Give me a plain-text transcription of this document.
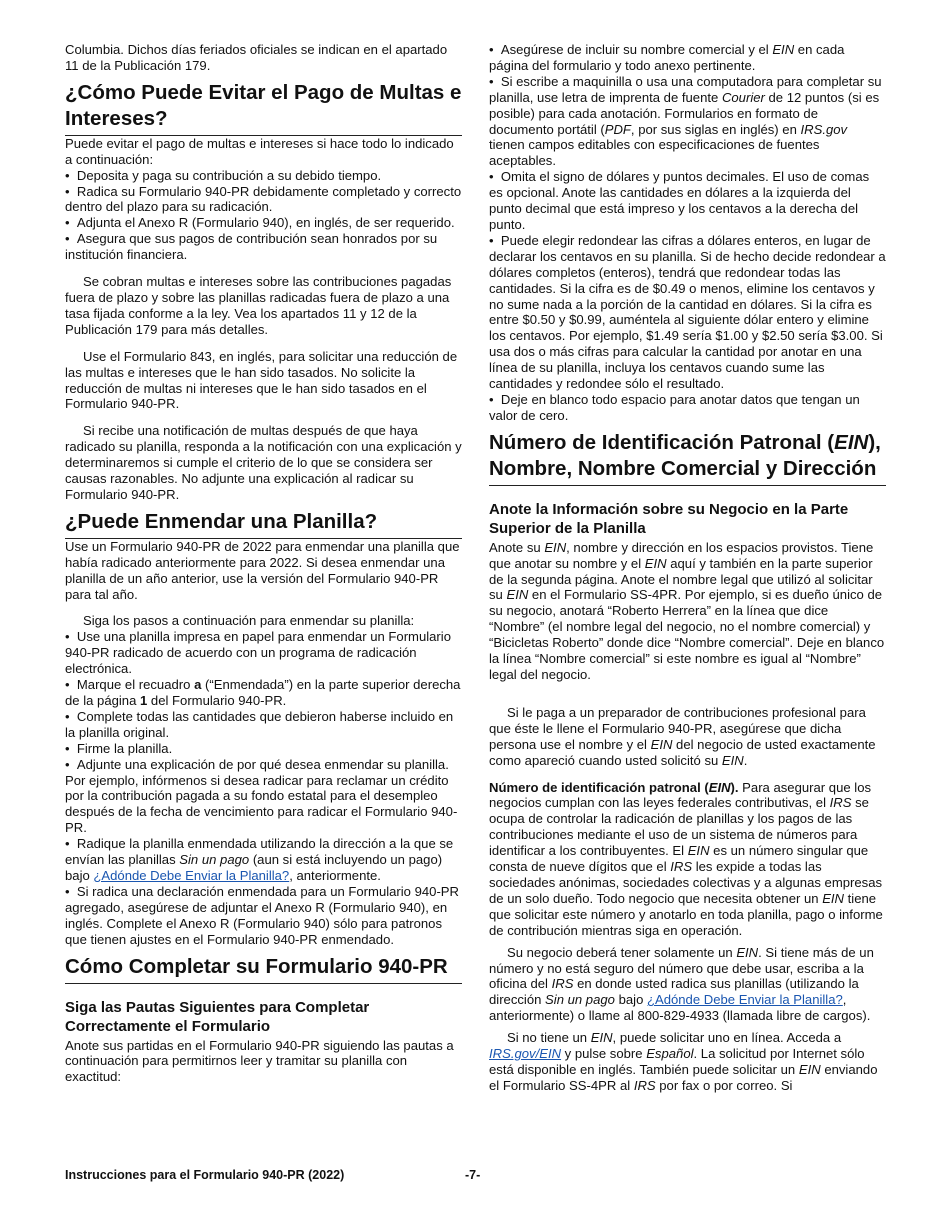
Columbia. Dichos días feriados oficiales se indican en el apartado 11 de la Publicación 179.

¿Cómo Puede Evitar el Pago de Multas e Intereses?

Puede evitar el pago de multas e intereses si hace todo lo indicado a continuación:

•  Deposita y paga su contribución a su debido tiempo.
•  Radica su Formulario 940-PR debidamente completado y correcto dentro del plazo para su radicación.
•  Adjunta el Anexo R (Formulario 940), en inglés, de ser requerido.
•  Asegura que sus pagos de contribución sean honrados por su institución financiera.

Se cobran multas e intereses sobre las contribuciones pagadas fuera de plazo y sobre las planillas radicadas fuera de plazo a una tasa fijada conforme a la ley. Vea los apartados 11 y 12 de la Publicación 179 para más detalles.

Use el Formulario 843, en inglés, para solicitar una reducción de las multas e intereses que le han sido tasados. No solicite la reducción de multas ni intereses que le han sido tasados en el Formulario 940-PR.

Si recibe una notificación de multas después de que haya radicado su planilla, responda a la notificación con una explicación y determinaremos si cumple el criterio de lo que se considera ser causas razonables. No adjunte una explicación al radicar su Formulario 940-PR.

¿Puede Enmendar una Planilla?

Use un Formulario 940-PR de 2022 para enmendar una planilla que había radicado anteriormente para 2022. Si desea enmendar una planilla de un año anterior, use la versión del Formulario 940-PR para tal año.

Siga los pasos a continuación para enmendar su planilla:

•  Use una planilla impresa en papel para enmendar un Formulario 940-PR radicado de acuerdo con un programa de radicación electrónica.
•  Marque el recuadro a (“Enmendada”) en la parte superior derecha de la página 1 del Formulario 940-PR.
•  Complete todas las cantidades que debieron haberse incluido en la planilla original.
•  Firme la planilla.
•  Adjunte una explicación de por qué desea enmendar su planilla. Por ejemplo, infórmenos si desea radicar para reclamar un crédito por la contribución pagada a su fondo estatal para el desempleo después de la fecha de vencimiento para radicar el Formulario 940-PR.
•  Radique la planilla enmendada utilizando la dirección a la que se envían las planillas Sin un pago (aun si está incluyendo un pago) bajo ¿Adónde Debe Enviar la Planilla?, anteriormente.
•  Si radica una declaración enmendada para un Formulario 940-PR agregado, asegúrese de adjuntar el Anexo R (Formulario 940), en inglés. Complete el Anexo R (Formulario 940) sólo para patronos que tienen ajustes en el Formulario 940-PR enmendado.
Cómo Completar su Formulario 940-PR
Siga las Pautas Siguientes para Completar Correctamente el Formulario

Anote sus partidas en el Formulario 940-PR siguiendo las pautas a continuación para permitirnos leer y tramitar su planilla con exactitud:

•  Asegúrese de incluir su nombre comercial y el EIN en cada página del formulario y todo anexo pertinente.
•  Si escribe a maquinilla o usa una computadora para completar su planilla, use letra de imprenta de fuente Courier de 12 puntos (si es posible) para cada anotación. Formularios en formato de documento portátil (PDF, por sus siglas en inglés) en IRS.gov tienen campos editables con especificaciones de fuentes aceptables.
•  Omita el signo de dólares y puntos decimales. El uso de comas es opcional. Anote las cantidades en dólares a la izquierda del punto decimal que está impreso y los centavos a la derecha del punto.
•  Puede elegir redondear las cifras a dólares enteros, en lugar de declarar los centavos en su planilla. Si de hecho decide redondear a dólares completos (enteros), tendrá que redondear todas las cantidades. Si la cifra es de $0.49 o menos, elimine los centavos y no sume nada a la porción de la cantidad en dólares. Si la cifra es entre $0.50 y $0.99, auméntela al siguiente dólar entero y elimine los centavos. Por ejemplo, $1.49 sería $1.00 y $2.50 sería $3.00. Si usa dos o más cifras para calcular la cantidad por anotar en una línea de su planilla, incluya los centavos cuando sume las cantidades y redondee sólo el resultado.
•  Deje en blanco todo espacio para anotar datos que tengan un valor de cero.
Número de Identificación Patronal (EIN), Nombre, Nombre Comercial y Dirección
Anote la Información sobre su Negocio en la Parte Superior de la Planilla

Anote su EIN, nombre y dirección en los espacios provistos. Tiene que anotar su nombre y el EIN aquí y también en la parte superior de la segunda página. Anote el nombre legal que utilizó al solicitar su EIN en el Formulario SS-4PR. Por ejemplo, si es dueño único de su negocio, anotará “Roberto Herrera” en la línea que dice “Nombre” (el nombre legal del negocio, no el nombre comercial) y “Bicicletas Roberto” donde dice “Nombre comercial”. Deje en blanco la línea “Nombre comercial” si este nombre es igual al “Nombre” legal del negocio.

Si le paga a un preparador de contribuciones profesional para que éste le llene el Formulario 940-PR, asegúrese que dicha persona use el nombre y el EIN del negocio de usted exactamente como apareció cuando usted solicitó su EIN.

Número de identificación patronal (EIN). Para asegurar que los negocios cumplan con las leyes federales contributivas, el IRS se ocupa de controlar la radicación de planillas y los pagos de las contribuciones mediante el uso de un sistema de números para identificar a los contribuyentes. El EIN es un número singular que consta de nueve dígitos que el IRS les expide a todas las sociedades anónimas, sociedades colectivas y a algunas empresas de un solo dueño. Todo negocio que necesita obtener un EIN tiene que solicitar este número y anotarlo en toda planilla, pago o informe de contribución mientras siga en operación.

Su negocio deberá tener solamente un EIN. Si tiene más de un número y no está seguro del número que debe usar, escriba a la oficina del IRS en donde usted radica sus planillas (utilizando la dirección Sin un pago bajo ¿Adónde Debe Enviar la Planilla?, anteriormente) o llame al 800-829-4933 (llamada libre de cargos).

Si no tiene un EIN, puede solicitar uno en línea. Acceda a IRS.gov/EIN y pulse sobre Español. La solicitud por Internet sólo está disponible en inglés. También puede solicitar un EIN enviando el Formulario SS-4PR al IRS por fax o por correo. Si

Instrucciones para el Formulario 940-PR (2022)	-7-
